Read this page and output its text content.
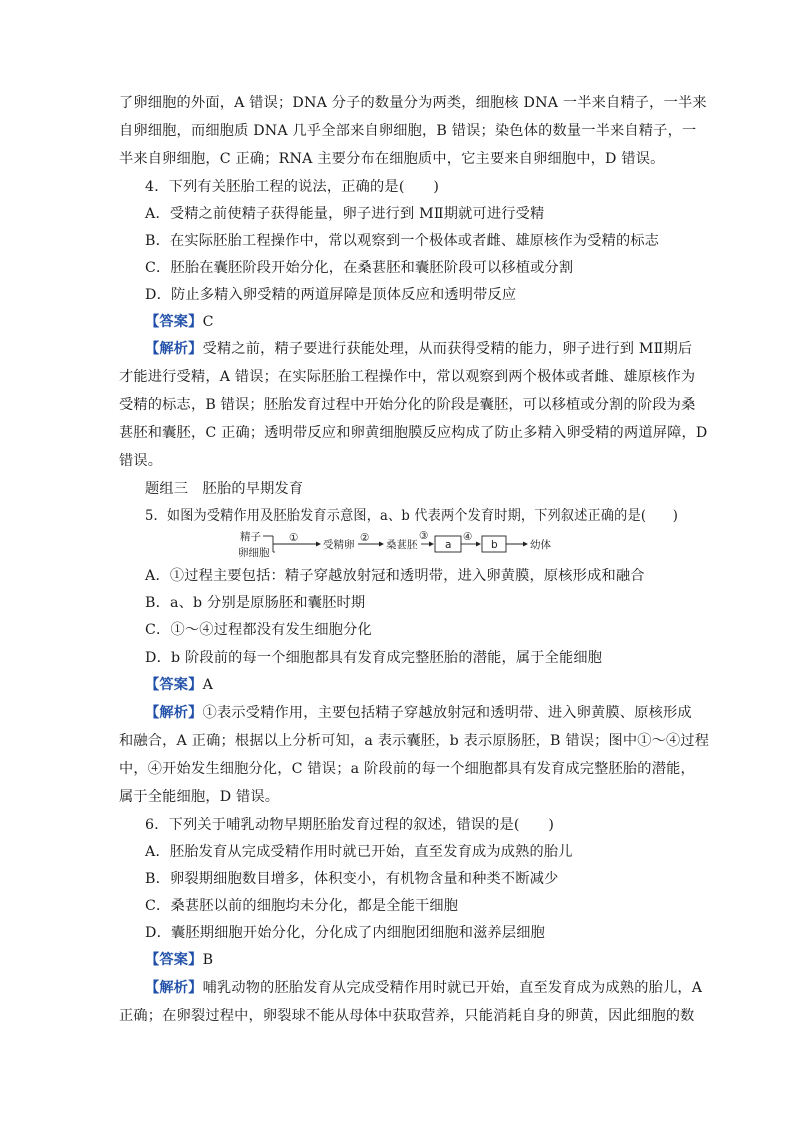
了卵细胞的外面，A 错误；DNA 分子的数量分为两类，细胞核 DNA 一半来自精子，一半来
自卵细胞，而细胞质 DNA 几乎全部来自卵细胞，B 错误；染色体的数量一半来自精子，一
半来自卵细胞，C 正确；RNA 主要分布在细胞质中，它主要来自卵细胞中，D 错误。
4．下列有关胚胎工程的说法，正确的是(　　)
A．受精之前使精子获得能量，卵子进行到 MⅡ期就可进行受精
B．在实际胚胎工程操作中，常以观察到一个极体或者雌、雄原核作为受精的标志
C．胚胎在囊胚阶段开始分化，在桑葚胚和囊胚阶段可以移植或分割
D．防止多精入卵受精的两道屏障是顶体反应和透明带反应
【答案】C
【解析】受精之前，精子要进行获能处理，从而获得受精的能力，卵子进行到 MⅡ期后
才能进行受精，A 错误；在实际胚胎工程操作中，常以观察到两个极体或者雌、雄原核作为
受精的标志，B 错误；胚胎发育过程中开始分化的阶段是囊胚，可以移植或分割的阶段为桑
葚胚和囊胚，C 正确；透明带反应和卵黄细胞膜反应构成了防止多精入卵受精的两道屏障，D
错误。
题组三　胚胎的早期发育
5．如图为受精作用及胚胎发育示意图，a、b 代表两个发育时期，下列叙述正确的是(　　)
精子
卵细胞
①
受精卵
②
桑葚胚
③
a
④
b	幼体
A．①过程主要包括：精子穿越放射冠和透明带，进入卵黄膜，原核形成和融合
B．a、b 分别是原肠胚和囊胚时期
C．①～④过程都没有发生细胞分化
D．b 阶段前的每一个细胞都具有发育成完整胚胎的潜能，属于全能细胞
【答案】A
【解析】①表示受精作用，主要包括精子穿越放射冠和透明带、进入卵黄膜、原核形成
和融合，A 正确；根据以上分析可知，a 表示囊胚，b 表示原肠胚，B 错误；图中①～④过程
中，④开始发生细胞分化，C 错误；a 阶段前的每一个细胞都具有发育成完整胚胎的潜能，
属于全能细胞，D 错误。
6．下列关于哺乳动物早期胚胎发育过程的叙述，错误的是(　　)
A．胚胎发育从完成受精作用时就已开始，直至发育成为成熟的胎儿
B．卵裂期细胞数目增多，体积变小，有机物含量和种类不断减少
C．桑葚胚以前的细胞均未分化，都是全能干细胞
D．囊胚期细胞开始分化，分化成了内细胞团细胞和滋养层细胞
【答案】B
【解析】哺乳动物的胚胎发育从完成受精作用时就已开始，直至发育成为成熟的胎儿，A
正确；在卵裂过程中，卵裂球不能从母体中获取营养，只能消耗自身的卵黄，因此细胞的数
